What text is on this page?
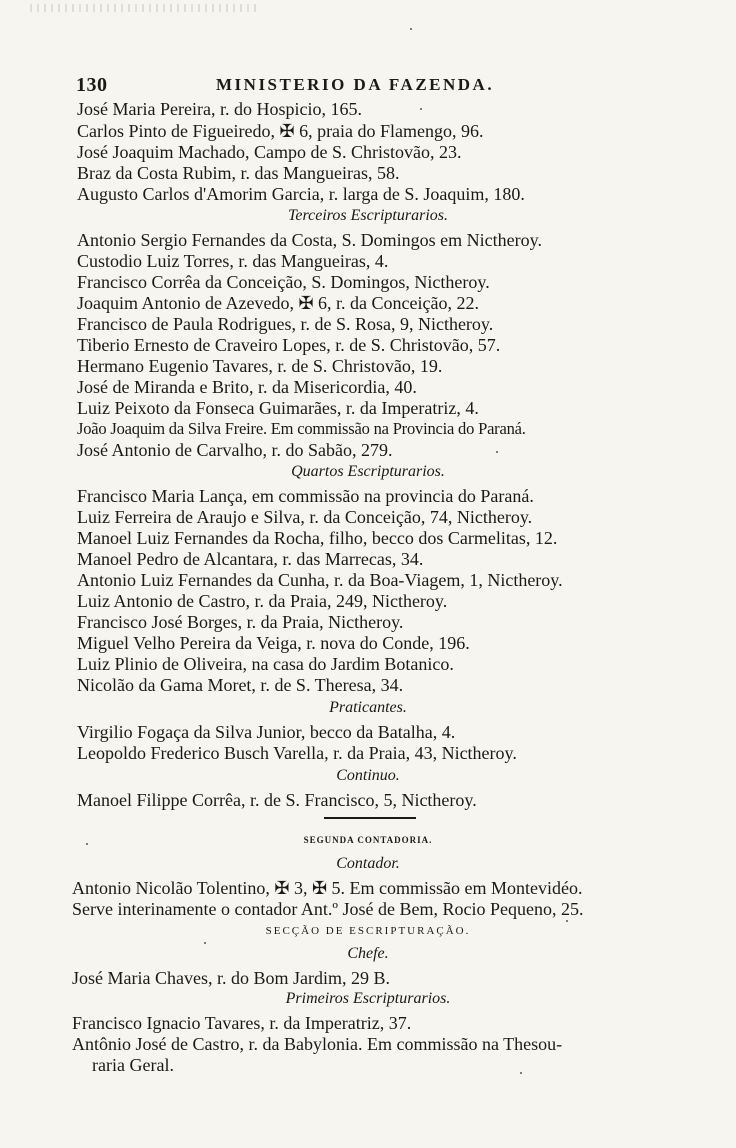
130	MINISTERIO DA FAZENDA.
José Maria Pereira, r. do Hospicio, 165.
Carlos Pinto de Figueiredo, ✠ 6, praia do Flamengo, 96.
José Joaquim Machado, Campo de S. Christovão, 23.
Braz da Costa Rubim, r. das Mangueiras, 58.
Augusto Carlos d'Amorim Garcia, r. larga de S. Joaquim, 180.
Terceiros Escripturarios.
Antonio Sergio Fernandes da Costa, S. Domingos em Nictheroy.
Custodio Luiz Torres, r. das Mangueiras, 4.
Francisco Corrêa da Conceição, S. Domingos, Nictheroy.
Joaquim Antonio de Azevedo, ✠ 6, r. da Conceição, 22.
Francisco de Paula Rodrigues, r. de S. Rosa, 9, Nictheroy.
Tiberio Ernesto de Craveiro Lopes, r. de S. Christovão, 57.
Hermano Eugenio Tavares, r. de S. Christovão, 19.
José de Miranda e Brito, r. da Misericordia, 40.
Luiz Peixoto da Fonseca Guimarães, r. da Imperatriz, 4.
João Joaquim da Silva Freire. Em commissão na Provincia do Paraná.
José Antonio de Carvalho, r. do Sabão, 279.
Quartos Escripturarios.
Francisco Maria Lança, em commissão na provincia do Paraná.
Luiz Ferreira de Araujo e Silva, r. da Conceição, 74, Nictheroy.
Manoel Luiz Fernandes da Rocha, filho, becco dos Carmelitas, 12.
Manoel Pedro de Alcantara, r. das Marrecas, 34.
Antonio Luiz Fernandes da Cunha, r. da Boa-Viagem, 1, Nictheroy.
Luiz Antonio de Castro, r. da Praia, 249, Nictheroy.
Francisco José Borges, r. da Praia, Nictheroy.
Miguel Velho Pereira da Veiga, r. nova do Conde, 196.
Luiz Plinio de Oliveira, na casa do Jardim Botanico.
Nicolão da Gama Moret, r. de S. Theresa, 34.
Praticantes.
Virgilio Fogaça da Silva Junior, becco da Batalha, 4.
Leopoldo Frederico Busch Varella, r. da Praia, 43, Nictheroy.
Continuo.
Manoel Filippe Corrêa, r. de S. Francisco, 5, Nictheroy.
SEGUNDA CONTADORIA.
Contador.
Antonio Nicolão Tolentino, ✠ 3, ✠ 5. Em commissão em Montevidéo.
Serve interinamente o contador Ant.º José de Bem, Rocio Pequeno, 25.
SECÇÃO DE ESCRIPTURAÇÃO.
Chefe.
José Maria Chaves, r. do Bom Jardim, 29 B.
Primeiros Escripturarios.
Francisco Ignacio Tavares, r. da Imperatriz, 37.
Antônio José de Castro, r. da Babylonia. Em commissão na Thesou-
raria Geral.
